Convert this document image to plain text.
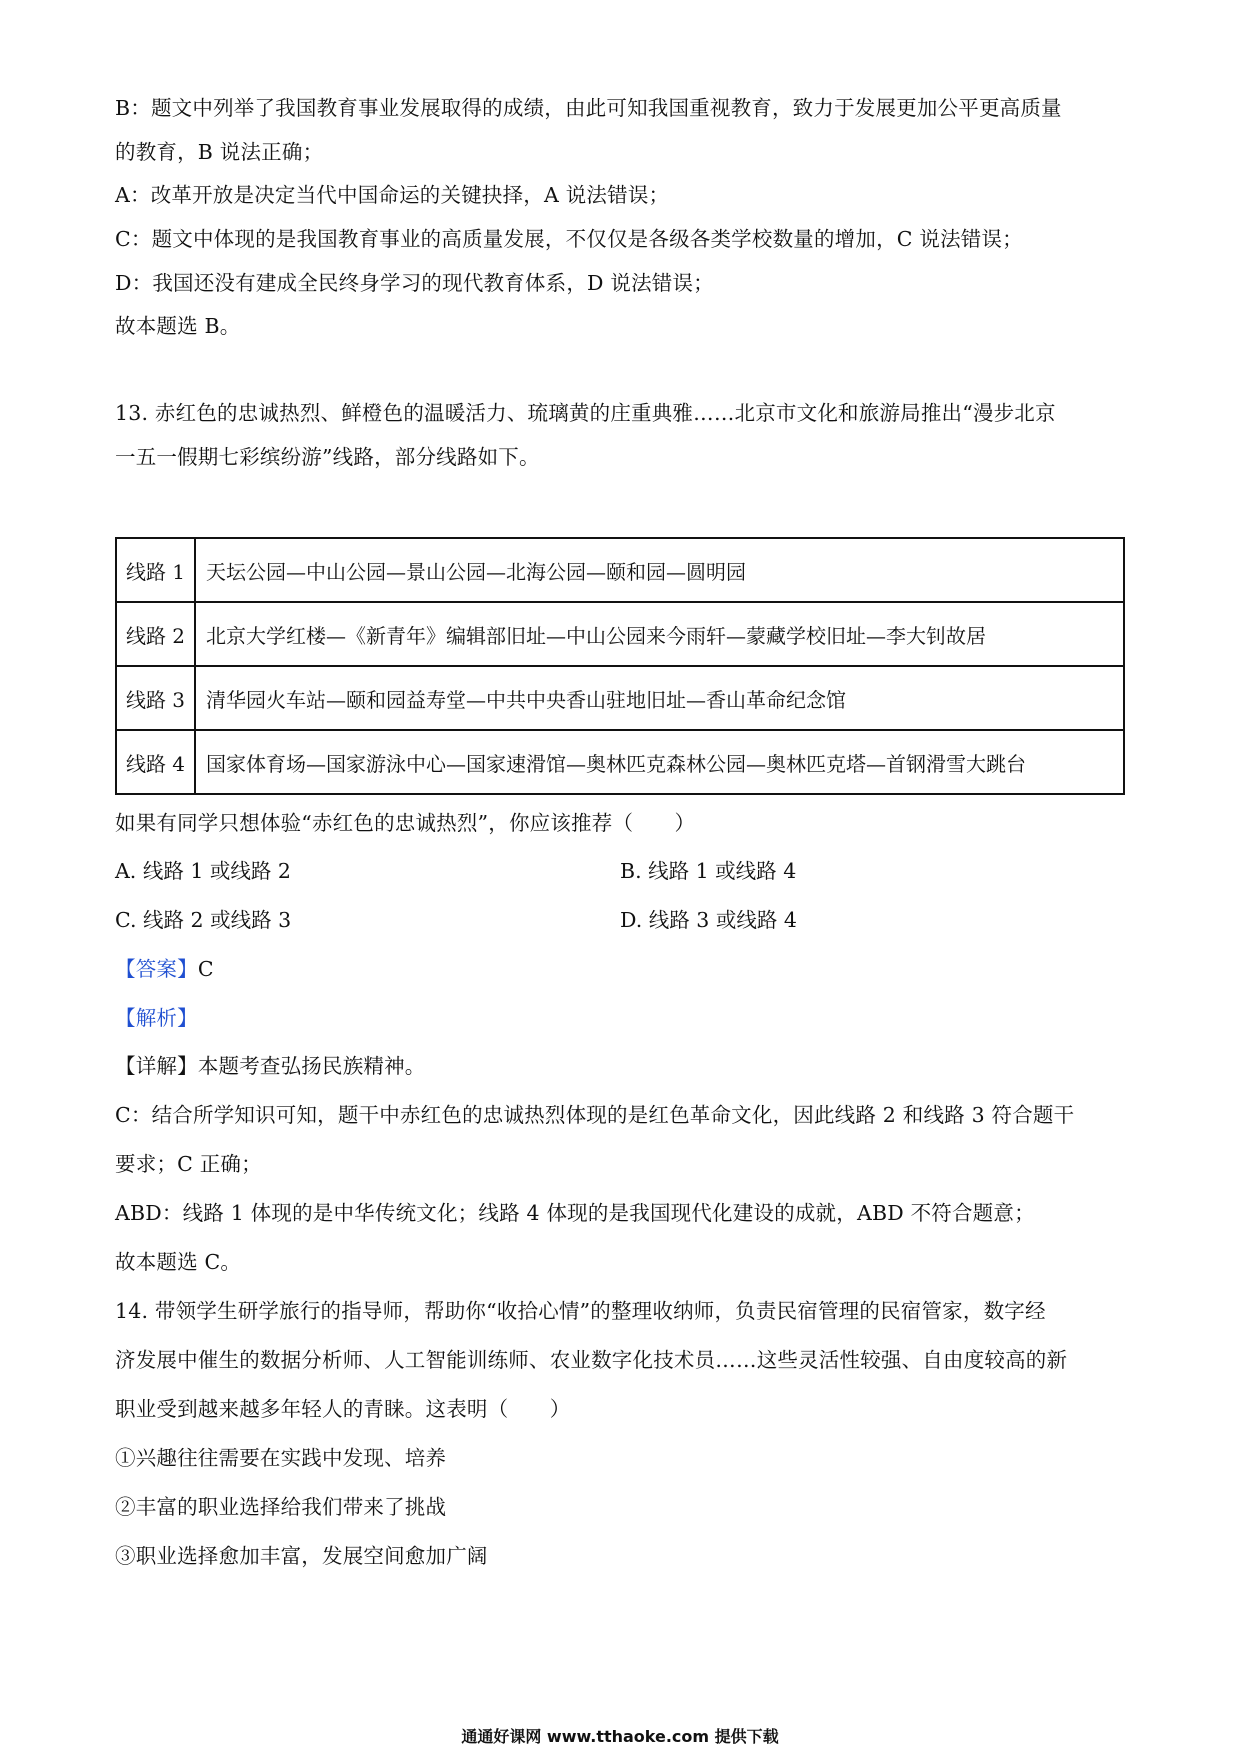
B：题文中列举了我国教育事业发展取得的成绩，由此可知我国重视教育，致力于发展更加公平更高质量
的教育，B 说法正确；
A：改革开放是决定当代中国命运的关键抉择，A 说法错误；
C：题文中体现的是我国教育事业的高质量发展，不仅仅是各级各类学校数量的增加，C 说法错误；
D：我国还没有建成全民终身学习的现代教育体系，D 说法错误；
故本题选 B。
13. 赤红色的忠诚热烈、鲜橙色的温暖活力、琉璃黄的庄重典雅……北京市文化和旅游局推出“漫步北京
一五一假期七彩缤纷游”线路，部分线路如下。
线路 1	天坛公园—中山公园—景山公园—北海公园—颐和园—圆明园
线路 2	北京大学红楼—《新青年》编辑部旧址—中山公园来今雨轩—蒙藏学校旧址—李大钊故居
线路 3	清华园火车站—颐和园益寿堂—中共中央香山驻地旧址—香山革命纪念馆
线路 4	国家体育场—国家游泳中心—国家速滑馆—奥林匹克森林公园—奥林匹克塔—首钢滑雪大跳台
如果有同学只想体验“赤红色的忠诚热烈”，你应该推荐（　　）
A. 线路 1 或线路 2	B. 线路 1 或线路 4
C. 线路 2 或线路 3	D. 线路 3 或线路 4
【答案】C
【解析】
【详解】本题考查弘扬民族精神。
C：结合所学知识可知，题干中赤红色的忠诚热烈体现的是红色革命文化，因此线路 2 和线路 3 符合题干
要求；C 正确；
ABD：线路 1 体现的是中华传统文化；线路 4 体现的是我国现代化建设的成就，ABD 不符合题意；
故本题选 C。
14. 带领学生研学旅行的指导师，帮助你“收拾心情”的整理收纳师，负责民宿管理的民宿管家，数字经
济发展中催生的数据分析师、人工智能训练师、农业数字化技术员……这些灵活性较强、自由度较高的新
职业受到越来越多年轻人的青睐。这表明（　　）
①兴趣往往需要在实践中发现、培养
②丰富的职业选择给我们带来了挑战
③职业选择愈加丰富，发展空间愈加广阔
通通好课网 www.tthaoke.com 提供下载
